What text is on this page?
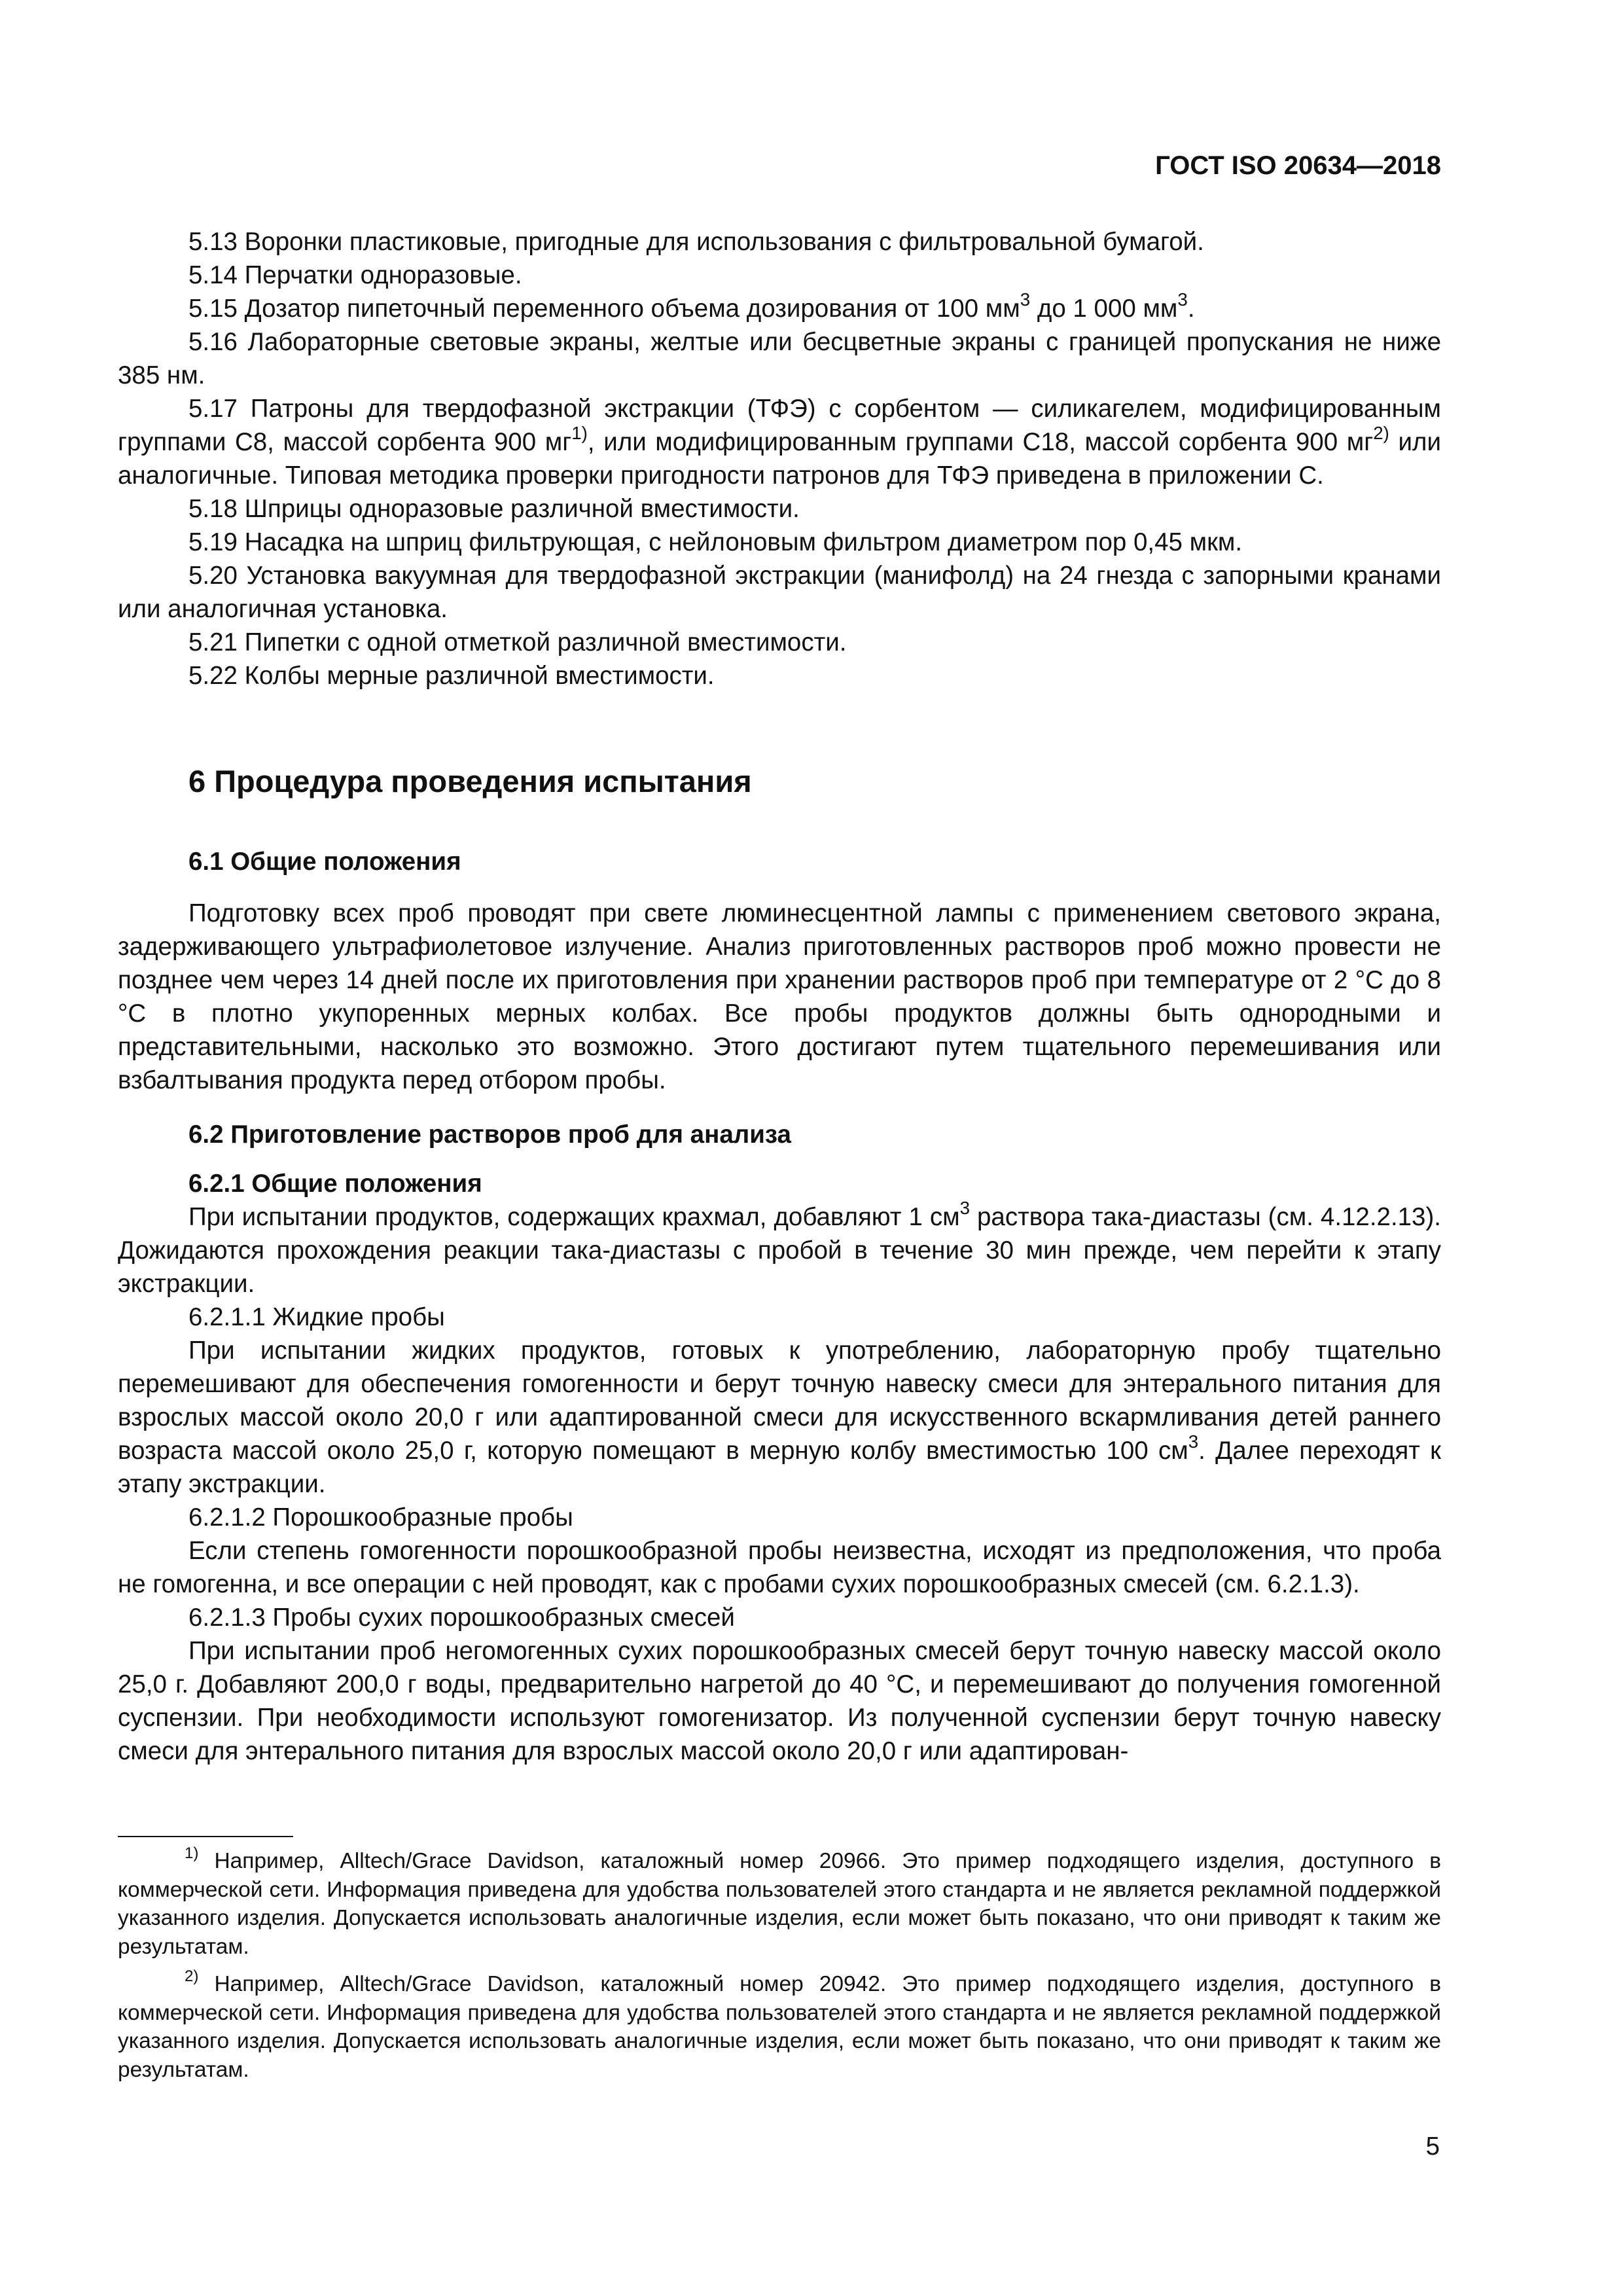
ГОСТ ISO 20634—2018

5.13 Воронки пластиковые, пригодные для использования с фильтровальной бумагой.

5.14 Перчатки одноразовые.

5.15 Дозатор пипеточный переменного объема дозирования от 100 $мм^3$ до 1 000 $мм^3$.

5.16 Лабораторные световые экраны, желтые или бесцветные экраны с границей пропускания не ниже 385 нм.

5.17 Патроны для твердофазной экстракции (ТФЭ) с сорбентом — силикагелем, модифицированным группами С8, массой сорбента 900 $мг^{1)}$, или модифицированным группами С18, массой сорбента 900 $мг^{2)}$ или аналогичные. Типовая методика проверки пригодности патронов для ТФЭ приведена в приложении С.

5.18 Шприцы одноразовые различной вместимости.

5.19 Насадка на шприц фильтрующая, с нейлоновым фильтром диаметром пор 0,45 мкм.

5.20 Установка вакуумная для твердофазной экстракции (манифолд) на 24 гнезда с запорными кранами или аналогичная установка.

5.21 Пипетки с одной отметкой различной вместимости.

5.22 Колбы мерные различной вместимости.

6 Процедура проведения испытания

6.1 Общие положения

Подготовку всех проб проводят при свете люминесцентной лампы с применением светового экрана, задерживающего ультрафиолетовое излучение. Анализ приготовленных растворов проб можно провести не позднее чем через 14 дней после их приготовления при хранении растворов проб при температуре от 2 °С до 8 °С в плотно укупоренных мерных колбах. Все пробы продуктов должны быть однородными и представительными, насколько это возможно. Этого достигают путем тщательного перемешивания или взбалтывания продукта перед отбором пробы.

6.2 Приготовление растворов проб для анализа

6.2.1 Общие положения

При испытании продуктов, содержащих крахмал, добавляют 1 $см^3$ раствора така-диастазы (см. 4.12.2.13). Дожидаются прохождения реакции така-диастазы с пробой в течение 30 мин прежде, чем перейти к этапу экстракции.

6.2.1.1 Жидкие пробы

При испытании жидких продуктов, готовых к употреблению, лабораторную пробу тщательно перемешивают для обеспечения гомогенности и берут точную навеску смеси для энтерального питания для взрослых массой около 20,0 г или адаптированной смеси для искусственного вскармливания детей раннего возраста массой около 25,0 г, которую помещают в мерную колбу вместимостью 100 $см^3$. Далее переходят к этапу экстракции.

6.2.1.2 Порошкообразные пробы

Если степень гомогенности порошкообразной пробы неизвестна, исходят из предположения, что проба не гомогенна, и все операции с ней проводят, как с пробами сухих порошкообразных смесей (см. 6.2.1.3).

6.2.1.3 Пробы сухих порошкообразных смесей

При испытании проб негомогенных сухих порошкообразных смесей берут точную навеску массой около 25,0 г. Добавляют 200,0 г воды, предварительно нагретой до 40 °С, и перемешивают до получения гомогенной суспензии. При необходимости используют гомогенизатор. Из полученной суспензии берут точную навеску смеси для энтерального питания для взрослых массой около 20,0 г или адаптирован-

$^{1)}$ Например, Alltech/Grace Davidson, каталожный номер 20966. Это пример подходящего изделия, доступного в коммерческой сети. Информация приведена для удобства пользователей этого стандарта и не является рекламной поддержкой указанного изделия. Допускается использовать аналогичные изделия, если может быть показано, что они приводят к таким же результатам.

$^{2)}$ Например, Alltech/Grace Davidson, каталожный номер 20942. Это пример подходящего изделия, доступного в коммерческой сети. Информация приведена для удобства пользователей этого стандарта и не является рекламной поддержкой указанного изделия. Допускается использовать аналогичные изделия, если может быть показано, что они приводят к таким же результатам.

5
